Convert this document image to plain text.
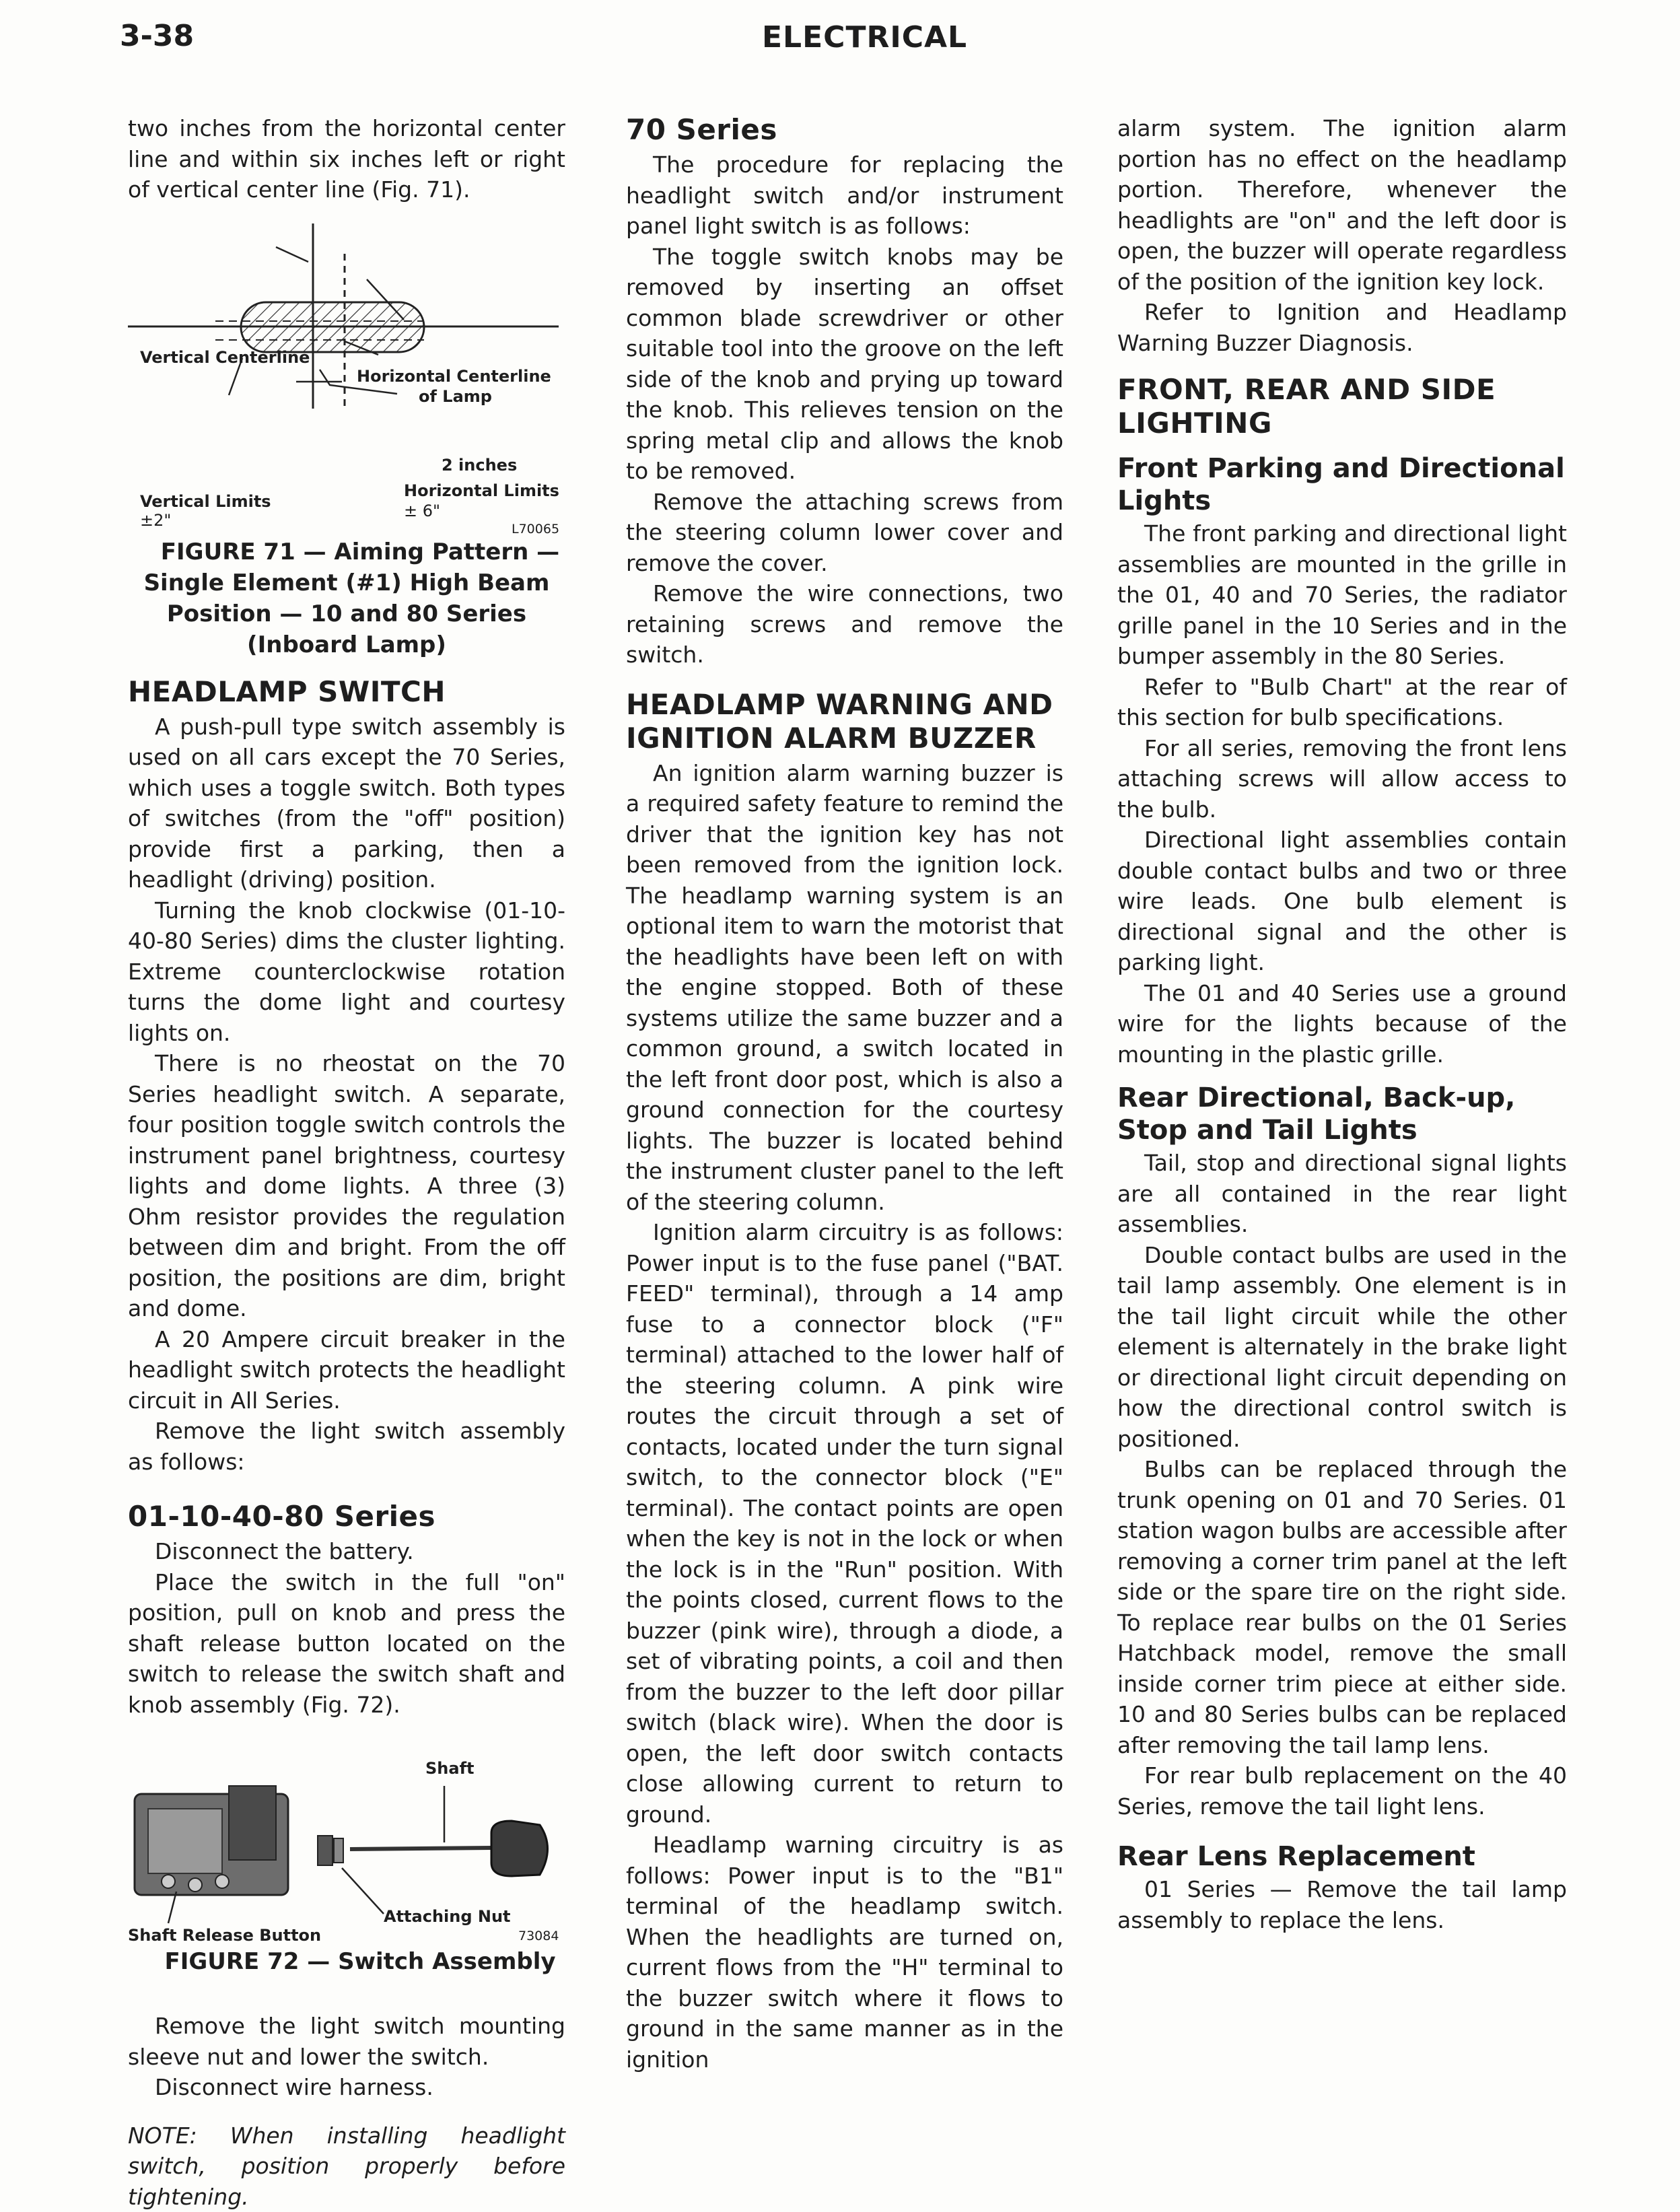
3-38	ELECTRICAL

two inches from the horizontal center line and within six inches left or right of vertical center line (Fig. 71).

Vertical Centerline
Horizontal Centerline
of Lamp
2 inches
Horizontal Limits
± 6"
Vertical Limits
±2"	L70065

FIGURE 71 — Aiming Pattern — Single Element (#1) High Beam Position — 10 and 80 Series (Inboard Lamp)

HEADLAMP SWITCH

A push-pull type switch assembly is used on all cars except the 70 Series, which uses a toggle switch. Both types of switches (from the "off" position) provide first a parking, then a headlight (driving) position.

Turning the knob clockwise (01-10-40-80 Series) dims the cluster lighting. Extreme counterclockwise rotation turns the dome light and courtesy lights on.

There is no rheostat on the 70 Series headlight switch. A separate, four position toggle switch controls the instrument panel brightness, courtesy lights and dome lights. A three (3) Ohm resistor provides the regulation between dim and bright. From the off position, the positions are dim, bright and dome.

A 20 Ampere circuit breaker in the headlight switch protects the headlight circuit in All Series.

Remove the light switch assembly as follows:

01-10-40-80 Series

Disconnect the battery.

Place the switch in the full "on" position, pull on knob and press the shaft release button located on the switch to release the switch shaft and knob assembly (Fig. 72).

Shaft
Attaching Nut
Shaft Release Button	73084

FIGURE 72 — Switch Assembly

Remove the light switch mounting sleeve nut and lower the switch.

Disconnect wire harness.

NOTE: When installing headlight switch, position properly before tightening.

70 Series

The procedure for replacing the headlight switch and/or instrument panel light switch is as follows:

The toggle switch knobs may be removed by inserting an offset common blade screwdriver or other suitable tool into the groove on the left side of the knob and prying up toward the knob. This relieves tension on the spring metal clip and allows the knob to be removed.

Remove the attaching screws from the steering column lower cover and remove the cover.

Remove the wire connections, two retaining screws and remove the switch.

HEADLAMP WARNING AND IGNITION ALARM BUZZER

An ignition alarm warning buzzer is a required safety feature to remind the driver that the ignition key has not been removed from the ignition lock. The headlamp warning system is an optional item to warn the motorist that the headlights have been left on with the engine stopped. Both of these systems utilize the same buzzer and a common ground, a switch located in the left front door post, which is also a ground connection for the courtesy lights. The buzzer is located behind the instrument cluster panel to the left of the steering column.

Ignition alarm circuitry is as follows: Power input is to the fuse panel ("BAT. FEED" terminal), through a 14 amp fuse to a connector block ("F" terminal) attached to the lower half of the steering column. A pink wire routes the circuit through a set of contacts, located under the turn signal switch, to the connector block ("E" terminal). The contact points are open when the key is not in the lock or when the lock is in the "Run" position. With the points closed, current flows to the buzzer (pink wire), through a diode, a set of vibrating points, a coil and then from the buzzer to the left door pillar switch (black wire). When the door is open, the left door switch contacts close allowing current to return to ground.

Headlamp warning circuitry is as follows: Power input is to the "B1" terminal of the headlamp switch. When the headlights are turned on, current flows from the "H" terminal to the buzzer switch where it flows to ground in the same manner as in the ignition

alarm system. The ignition alarm portion has no effect on the headlamp portion. Therefore, whenever the headlights are "on" and the left door is open, the buzzer will operate regardless of the position of the ignition key lock.

Refer to Ignition and Headlamp Warning Buzzer Diagnosis.

FRONT, REAR AND SIDE LIGHTING
Front Parking and Directional Lights

The front parking and directional light assemblies are mounted in the grille in the 01, 40 and 70 Series, the radiator grille panel in the 10 Series and in the bumper assembly in the 80 Series.

Refer to "Bulb Chart" at the rear of this section for bulb specifications.

For all series, removing the front lens attaching screws will allow access to the bulb.

Directional light assemblies contain double contact bulbs and two or three wire leads. One bulb element is directional signal and the other is parking light.

The 01 and 40 Series use a ground wire for the lights because of the mounting in the plastic grille.

Rear Directional, Back-up, Stop and Tail Lights

Tail, stop and directional signal lights are all contained in the rear light assemblies.

Double contact bulbs are used in the tail lamp assembly. One element is in the tail light circuit while the other element is alternately in the brake light or directional light circuit depending on how the directional control switch is positioned.

Bulbs can be replaced through the trunk opening on 01 and 70 Series. 01 station wagon bulbs are accessible after removing a corner trim panel at the left side or the spare tire on the right side. To replace rear bulbs on the 01 Series Hatchback model, remove the small inside corner trim piece at either side. 10 and 80 Series bulbs can be replaced after removing the tail lamp lens.

For rear bulb replacement on the 40 Series, remove the tail light lens.

Rear Lens Replacement

01 Series — Remove the tail lamp assembly to replace the lens.
